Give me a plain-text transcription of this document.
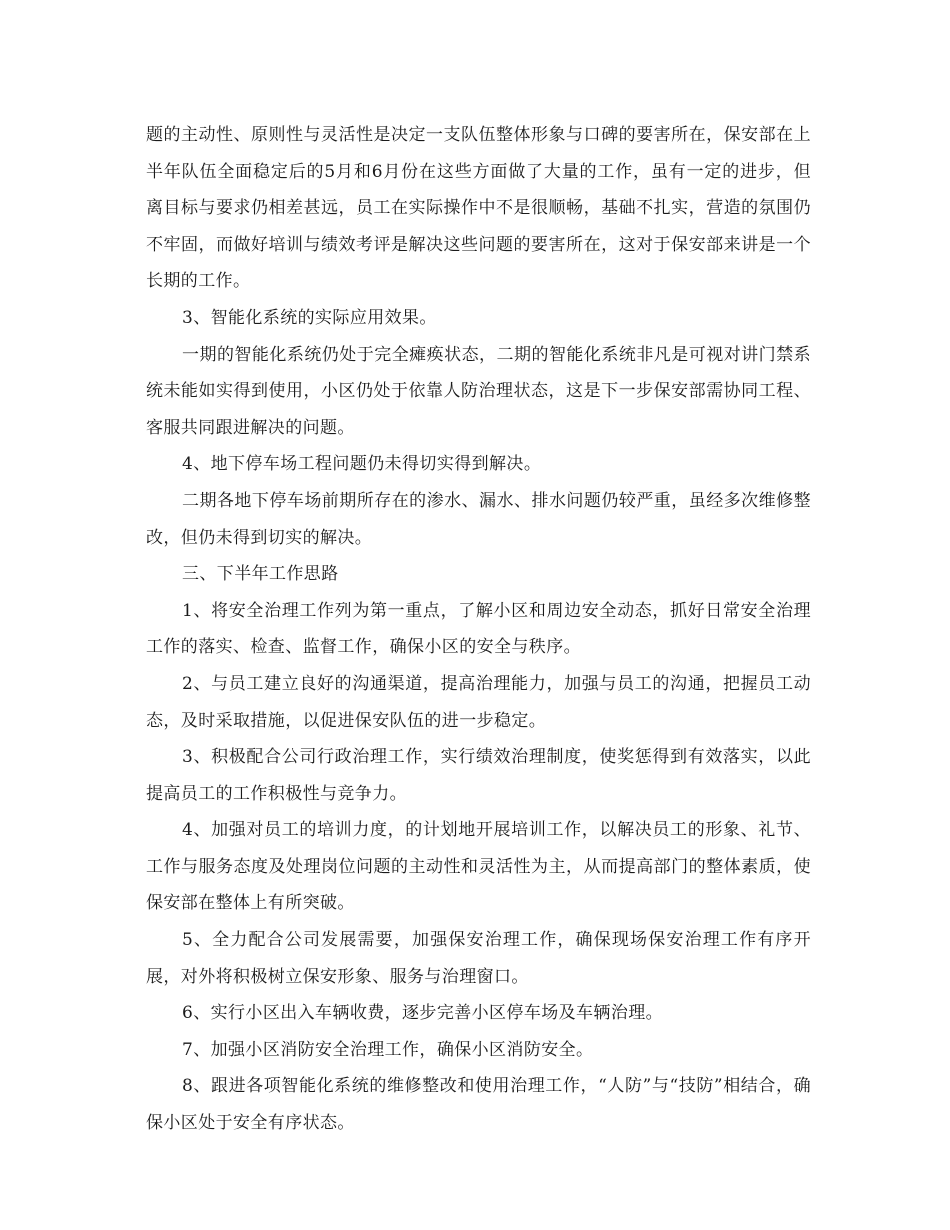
题的主动性、原则性与灵活性是决定一支队伍整体形象与口碑的要害所在，保安部在上半年队伍全面稳定后的5月和6月份在这些方面做了大量的工作，虽有一定的进步，但离目标与要求仍相差甚远，员工在实际操作中不是很顺畅，基础不扎实，营造的氛围仍不牢固，而做好培训与绩效考评是解决这些问题的要害所在，这对于保安部来讲是一个长期的工作。

3、智能化系统的实际应用效果。

一期的智能化系统仍处于完全瘫痪状态，二期的智能化系统非凡是可视对讲门禁系统未能如实得到使用，小区仍处于依靠人防治理状态，这是下一步保安部需协同工程、客服共同跟进解决的问题。

4、地下停车场工程问题仍未得切实得到解决。

二期各地下停车场前期所存在的渗水、漏水、排水问题仍较严重，虽经多次维修整改，但仍未得到切实的解决。

三、下半年工作思路

1、将安全治理工作列为第一重点，了解小区和周边安全动态，抓好日常安全治理工作的落实、检查、监督工作，确保小区的安全与秩序。

2、与员工建立良好的沟通渠道，提高治理能力，加强与员工的沟通，把握员工动态，及时采取措施，以促进保安队伍的进一步稳定。

3、积极配合公司行政治理工作，实行绩效治理制度，使奖惩得到有效落实，以此提高员工的工作积极性与竞争力。

4、加强对员工的培训力度，的计划地开展培训工作，以解决员工的形象、礼节、工作与服务态度及处理岗位问题的主动性和灵活性为主，从而提高部门的整体素质，使保安部在整体上有所突破。

5、全力配合公司发展需要，加强保安治理工作，确保现场保安治理工作有序开展，对外将积极树立保安形象、服务与治理窗口。

6、实行小区出入车辆收费，逐步完善小区停车场及车辆治理。

7、加强小区消防安全治理工作，确保小区消防安全。

8、跟进各项智能化系统的维修整改和使用治理工作，“人防”与“技防”相结合，确保小区处于安全有序状态。
